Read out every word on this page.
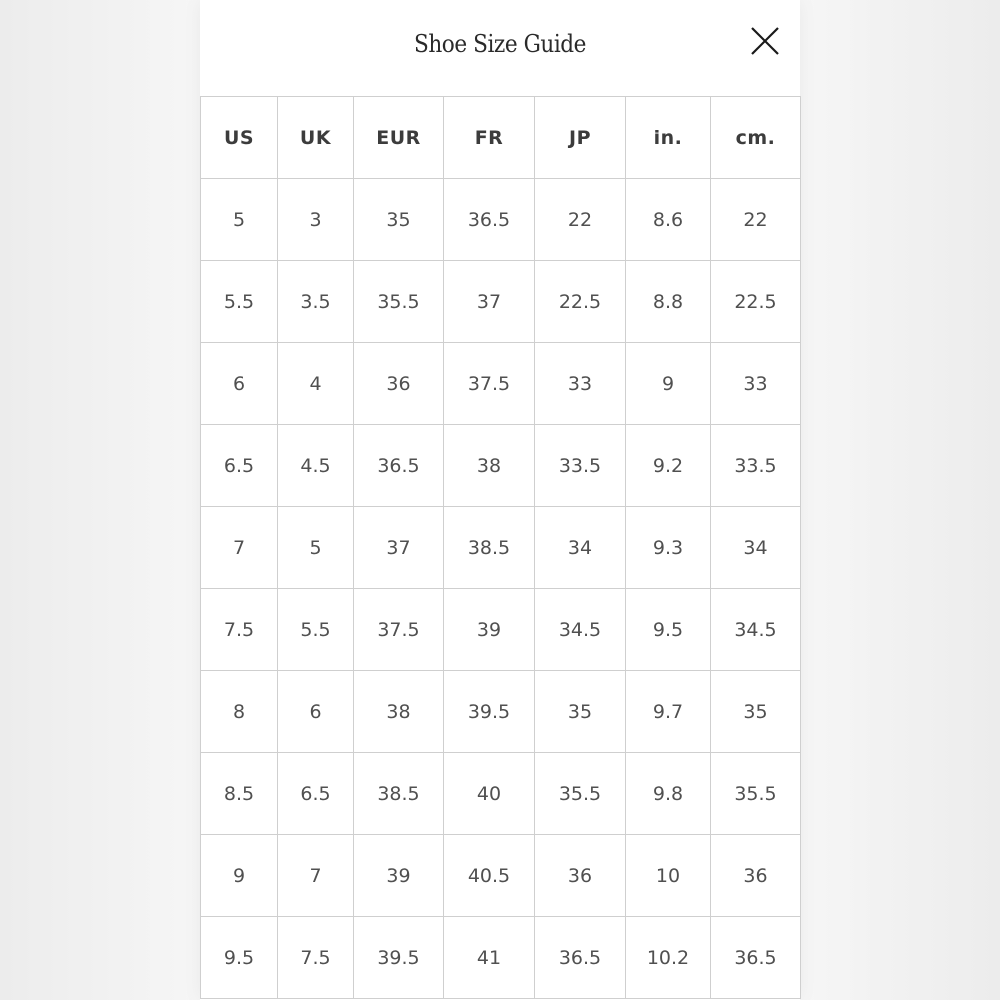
Shoe Size Guide
US	UK	EUR	FR	JP	in.	cm.
5	3	35	36.5	22	8.6	22
5.5	3.5	35.5	37	22.5	8.8	22.5
6	4	36	37.5	33	9	33
6.5	4.5	36.5	38	33.5	9.2	33.5
7	5	37	38.5	34	9.3	34
7.5	5.5	37.5	39	34.5	9.5	34.5
8	6	38	39.5	35	9.7	35
8.5	6.5	38.5	40	35.5	9.8	35.5
9	7	39	40.5	36	10	36
9.5	7.5	39.5	41	36.5	10.2	36.5
